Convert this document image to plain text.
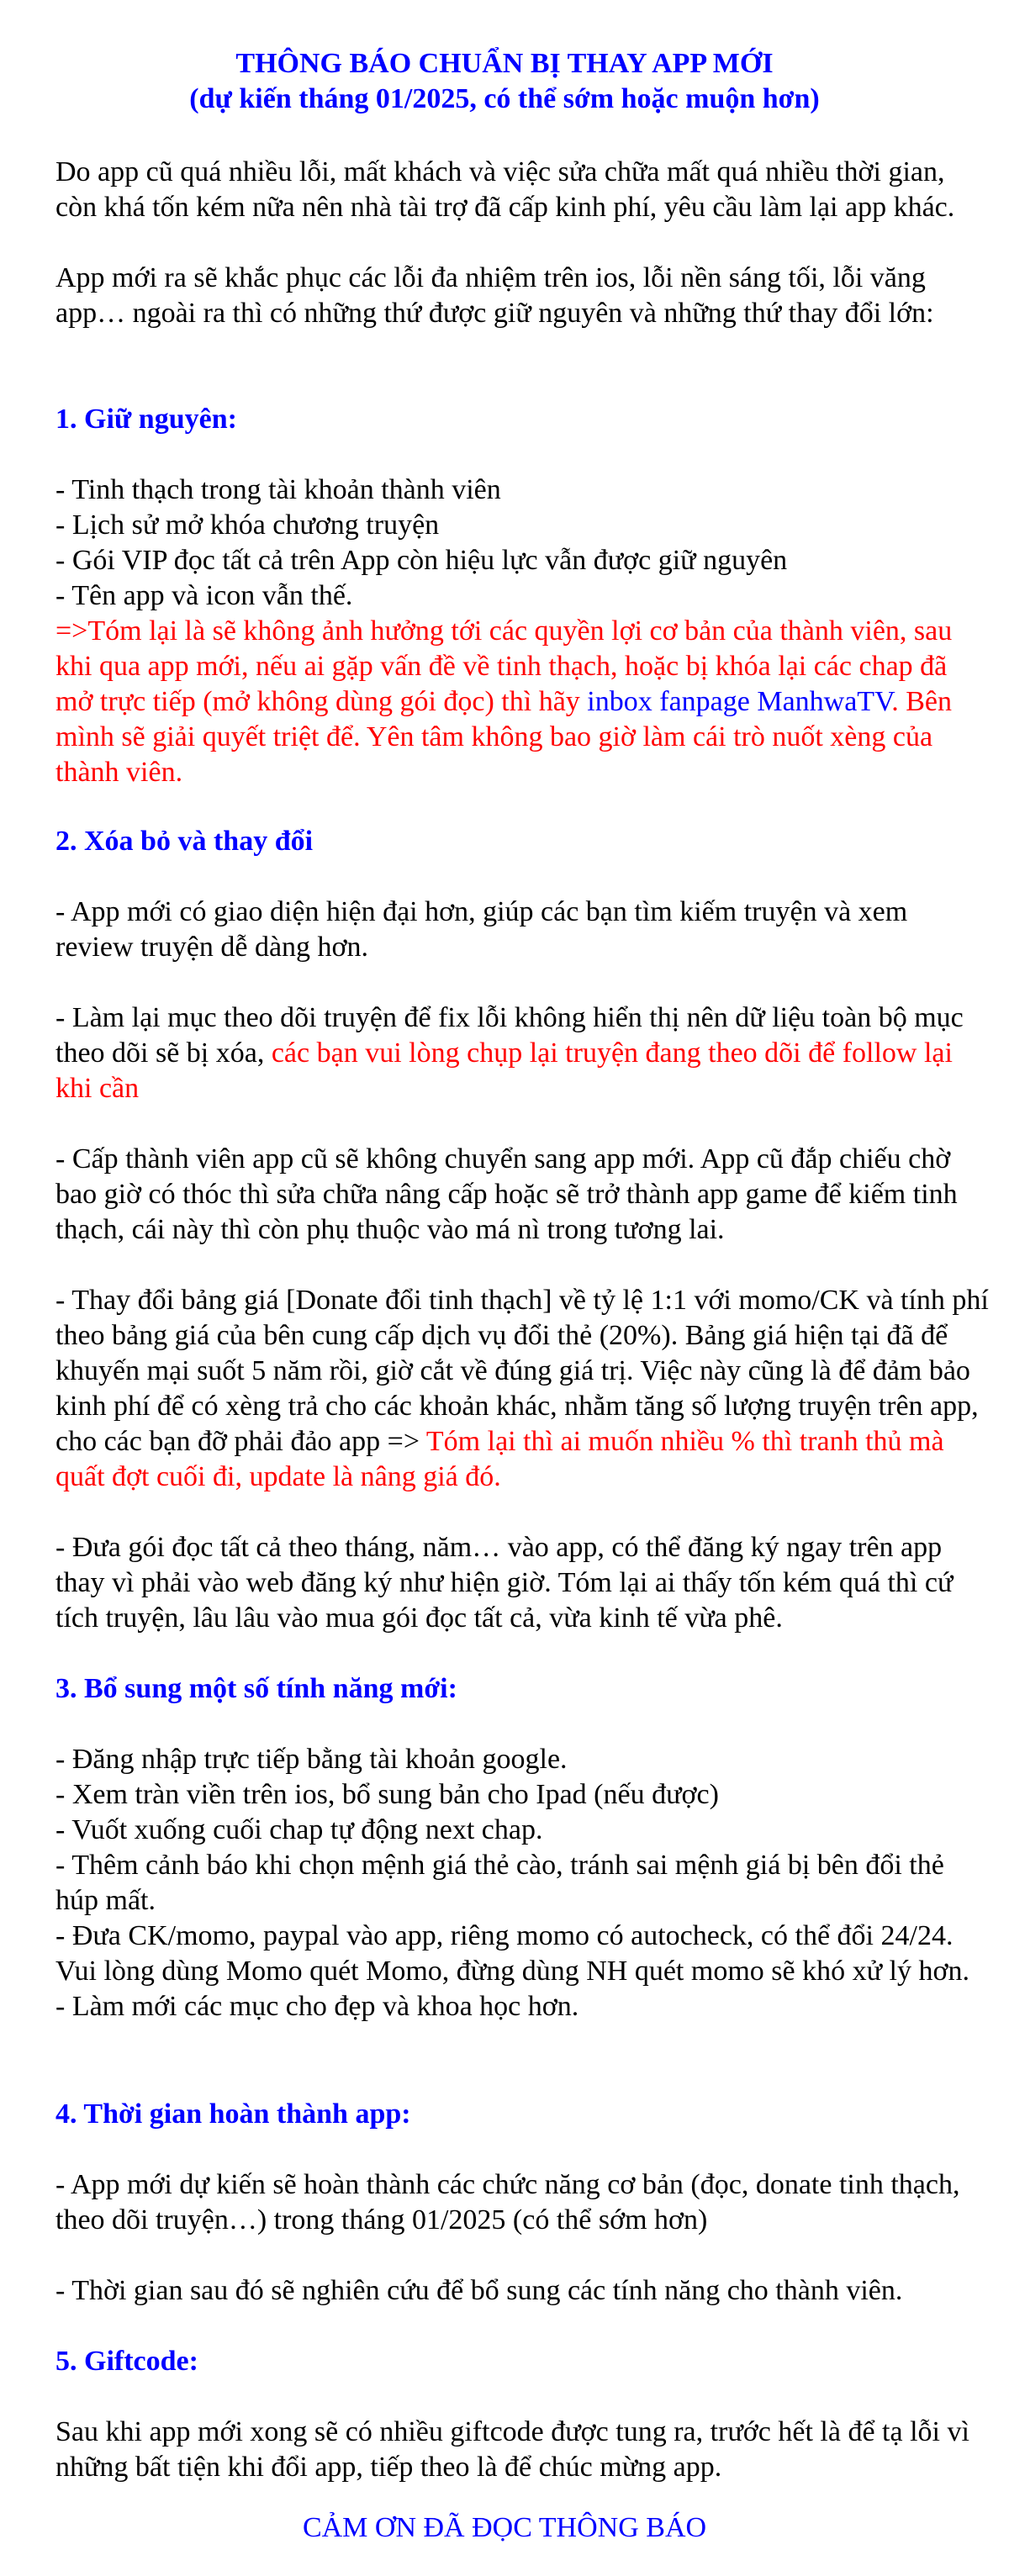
THÔNG BÁO CHUẨN BỊ THAY APP MỚI

(dự kiến tháng 01/2025, có thể sớm hoặc muộn hơn)

Do app cũ quá nhiều lỗi, mất khách và việc sửa chữa mất quá nhiều thời gian, còn khá tốn kém nữa nên nhà tài trợ đã cấp kinh phí, yêu cầu làm lại app khác.

App mới ra sẽ khắc phục các lỗi đa nhiệm trên ios, lỗi nền sáng tối, lỗi văng app… ngoài ra thì có những thứ được giữ nguyên và những thứ thay đổi lớn:

1. Giữ nguyên:

- Tinh thạch trong tài khoản thành viên
- Lịch sử mở khóa chương truyện
- Gói VIP đọc tất cả trên App còn hiệu lực vẫn được giữ nguyên
- Tên app và icon vẫn thế.

=>Tóm lại là sẽ không ảnh hưởng tới các quyền lợi cơ bản của thành viên, sau khi qua app mới, nếu ai gặp vấn đề về tinh thạch, hoặc bị khóa lại các chap đã mở trực tiếp (mở không dùng gói đọc) thì hãy inbox fanpage ManhwaTV. Bên mình sẽ giải quyết triệt để. Yên tâm không bao giờ làm cái trò nuốt xèng của thành viên.

2. Xóa bỏ và thay đổi

- App mới có giao diện hiện đại hơn, giúp các bạn tìm kiếm truyện và xem review truyện dễ dàng hơn.

- Làm lại mục theo dõi truyện để fix lỗi không hiển thị nên dữ liệu toàn bộ mục theo dõi sẽ bị xóa, các bạn vui lòng chụp lại truyện đang theo dõi để follow lại khi cần

- Cấp thành viên app cũ sẽ không chuyển sang app mới. App cũ đắp chiếu chờ bao giờ có thóc thì sửa chữa nâng cấp hoặc sẽ trở thành app game để kiếm tinh thạch, cái này thì còn phụ thuộc vào má nì trong tương lai.

- Thay đổi bảng giá [Donate đổi tinh thạch] về tỷ lệ 1:1 với momo/CK và tính phí theo bảng giá của bên cung cấp dịch vụ đổi thẻ (20%). Bảng giá hiện tại đã để khuyến mại suốt 5 năm rồi, giờ cắt về đúng giá trị. Việc này cũng là để đảm bảo kinh phí để có xèng trả cho các khoản khác, nhằm tăng số lượng truyện trên app, cho các bạn đỡ phải đảo app => Tóm lại thì ai muốn nhiều % thì tranh thủ mà quất đợt cuối đi, update là nâng giá đó.

- Đưa gói đọc tất cả theo tháng, năm… vào app, có thể đăng ký ngay trên app thay vì phải vào web đăng ký như hiện giờ. Tóm lại ai thấy tốn kém quá thì cứ tích truyện, lâu lâu vào mua gói đọc tất cả, vừa kinh tế vừa phê.

3. Bổ sung một số tính năng mới:

- Đăng nhập trực tiếp bằng tài khoản google.
- Xem tràn viền trên ios, bổ sung bản cho Ipad (nếu được)
- Vuốt xuống cuối chap tự động next chap.
- Thêm cảnh báo khi chọn mệnh giá thẻ cào, tránh sai mệnh giá bị bên đổi thẻ húp mất.
- Đưa CK/momo, paypal vào app, riêng momo có autocheck, có thể đổi 24/24. Vui lòng dùng Momo quét Momo, đừng dùng NH quét momo sẽ khó xử lý hơn.
- Làm mới các mục cho đẹp và khoa học hơn.

4. Thời gian hoàn thành app:

- App mới dự kiến sẽ hoàn thành các chức năng cơ bản (đọc, donate tinh thạch, theo dõi truyện…) trong tháng 01/2025 (có thể sớm hơn)

- Thời gian sau đó sẽ nghiên cứu để bổ sung các tính năng cho thành viên.

5. Giftcode:

Sau khi app mới xong sẽ có nhiều giftcode được tung ra, trước hết là để tạ lỗi vì những bất tiện khi đổi app, tiếp theo là để chúc mừng app.

CẢM ƠN ĐÃ ĐỌC THÔNG BÁO
